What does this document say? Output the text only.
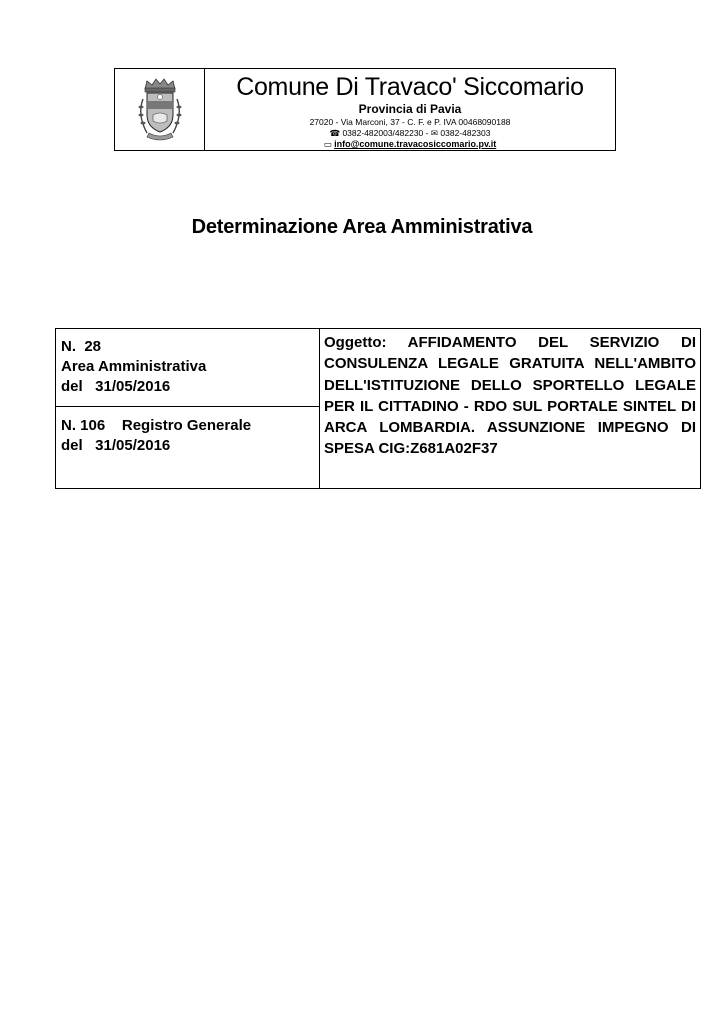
Comune Di Travaco' Siccomario
Provincia di Pavia
27020 - Via Marconi, 37 - C. F. e P. IVA 00468090188
☎ 0382-482003/482230 - ✉ 0382-482303
▭ info@comune.travacosiccomario.pv.it
Determinazione Area Amministrativa
N.  28
Area Amministrativa
del   31/05/2016
N. 106    Registro Generale
del   31/05/2016

Oggetto: AFFIDAMENTO DEL SERVIZIO DI CONSULENZA LEGALE GRATUITA NELL'AMBITO DELL'ISTITUZIONE DELLO SPORTELLO LEGALE PER IL CITTADINO - RDO SUL PORTALE SINTEL DI ARCA LOMBARDIA. ASSUNZIONE IMPEGNO DI SPESA CIG:Z681A02F37
